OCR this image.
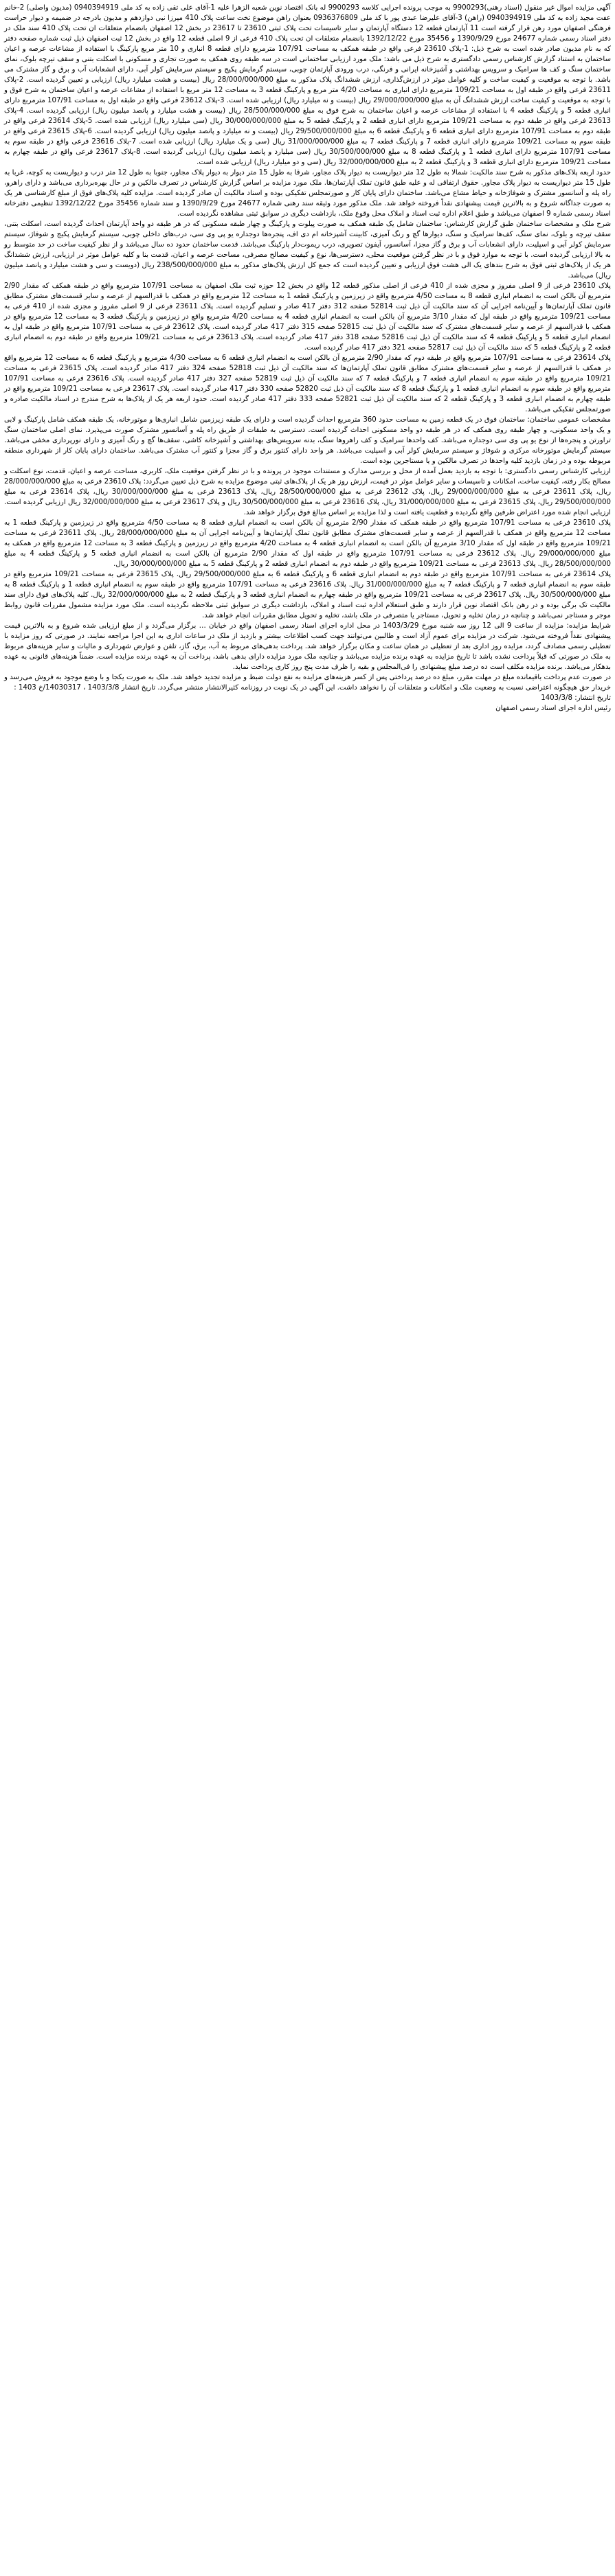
آگهی مزایده اموال غیر منقول (اسناد رهنی)9900293 به موجب پرونده اجرایی کلاسه 9900293 له بانک اقتصاد نوین شعبه الزهرا علیه 1-آقای علی تقی زاده به کد ملی 0940394919 (مدیون واصلی) 2-خانم عفت مجید زاده به کد ملی 0940394919 (راهن) 3-آقای علیرضا عبدی پور با کد ملی 0936376809 بعنوان راهن موضوع تخت ساعت پلاک 410 میرزا نبی دوازدهم و مدیون بادرجه در ضمیمه و دیوار حراست فرهنگی اصفهان مورد رهن قرار گرفته است 11 آپارتمان قطعه 12 دستگاه آپارتمان و سایر تاسیسات تحت پلاک ثبتی 23610 تا 23617 در بخش 12 اصفهان بانضمام متعلقات ان تحت پلاک 410 سند ملک در دفتر اسناد رسمی شماره 24677 مورخ 1390/9/29 و 35456 مورخ 1392/12/22 بانضمام متعلقات ان تحت پلاک 410 فرعی از 9 اصلی قطعه 12 واقع در بخش 12 ثبت اصفهان ذیل ثبت شماره صفحه دفتر که به نام مدیون صادر شده است به شرح ذیل: 1-پلاک 23610 فرعی واقع در طبقه همکف به مساحت 107/91 مترمربع دارای قطعه 8 انباری و 10 متر مربع پارکینگ با استفاده از مشاعات عرصه و اعیان ساختمان به استناد گزارش کارشناس رسمی دادگستری به شرح ذیل می باشد: ملک مورد ارزیابی ساختمانی است در سه طبقه روی همکف به صورت تجاری و مسکونی با اسکلت بتنی و سقف تیرچه بلوک، نمای ساختمان سنگ و کف ها سرامیک و سرویس بهداشتی و آشپزخانه ایرانی و فرنگی، درب ورودی آپارتمان چوبی، سیستم گرمایش پکیج و سیستم سرمایش کولر آبی، دارای انشعابات آب و برق و گاز مشترک می باشد. با توجه به موقعیت و کیفیت ساخت و کلیه عوامل موثر در ارزش‌گذاری، ارزش ششدانگ پلاک مذکور به مبلغ 28/000/000/000 ریال (بیست و هشت میلیارد ریال) ارزیابی و تعیین گردیده است. 2-پلاک 23611 فرعی واقع در طبقه اول به مساحت 109/21 مترمربع دارای انباری به مساحت 4/20 متر مربع و پارکینگ قطعه 3 به مساحت 12 متر مربع با استفاده از مشاعات عرصه و اعیان ساختمان به شرح فوق و با توجه به موقعیت و کیفیت ساخت ارزش ششدانگ آن به مبلغ 29/000/000/000 ریال (بیست و نه میلیارد ریال) ارزیابی شده است. 3-پلاک 23612 فرعی واقع در طبقه اول به مساحت 107/91 مترمربع دارای انباری قطعه 5 و پارکینگ قطعه 4 با استفاده از مشاعات عرصه و اعیان ساختمان به شرح فوق به مبلغ 28/500/000/000 ریال (بیست و هشت میلیارد و پانصد میلیون ریال) ارزیابی گردیده است. 4-پلاک 23613 فرعی واقع در طبقه دوم به مساحت 109/21 مترمربع دارای انباری قطعه 2 و پارکینگ قطعه 5 به مبلغ 30/000/000/000 ریال (سی میلیارد ریال) ارزیابی شده است. 5-پلاک 23614 فرعی واقع در طبقه دوم به مساحت 107/91 مترمربع دارای انباری قطعه 6 و پارکینگ قطعه 6 به مبلغ 29/500/000/000 ریال (بیست و نه میلیارد و پانصد میلیون ریال) ارزیابی گردیده است. 6-پلاک 23615 فرعی واقع در طبقه سوم به مساحت 109/21 مترمربع دارای انباری قطعه 7 و پارکینگ قطعه 7 به مبلغ 31/000/000/000 ریال (سی و یک میلیارد ریال) ارزیابی شده است. 7-پلاک 23616 فرعی واقع در طبقه سوم به مساحت 107/91 مترمربع دارای انباری قطعه 1 و پارکینگ قطعه 8 به مبلغ 30/500/000/000 ریال (سی میلیارد و پانصد میلیون ریال) ارزیابی گردیده است. 8-پلاک 23617 فرعی واقع در طبقه چهارم به مساحت 109/21 مترمربع دارای انباری قطعه 3 و پارکینگ قطعه 2 به مبلغ 32/000/000/000 ریال (سی و دو میلیارد ریال) ارزیابی شده است.

حدود اربعه پلاک‌های مذکور به شرح سند مالکیت: شمالا به طول 12 متر دیواریست به دیوار پلاک مجاور، شرقا به طول 15 متر دیوار به دیوار پلاک مجاور، جنوبا به طول 12 متر درب و دیواریست به کوچه، غربا به طول 15 متر دیواریست به دیوار پلاک مجاور. حقوق ارتفاقی له و علیه طبق قانون تملک آپارتمان‌ها. ملک مورد مزایده بر اساس گزارش کارشناس در تصرف مالکین و در حال بهره‌برداری می‌باشد و دارای راهرو، راه پله و آسانسور مشترک و شوفاژخانه و حیاط مشاع می‌باشد. ساختمان دارای پایان کار و صورتمجلس تفکیکی بوده و اسناد مالکیت آن صادر گردیده است. مزایده کلیه پلاک‌های فوق از مبلغ کارشناسی هر یک به صورت جداگانه شروع و به بالاترین قیمت پیشنهادی نقداً فروخته خواهد شد. ملک مذکور مورد وثیقه سند رهنی شماره 24677 مورخ 1390/9/29 و سند شماره 35456 مورخ 1392/12/22 تنظیمی دفترخانه اسناد رسمی شماره 9 اصفهان می‌باشد و طبق اعلام اداره ثبت اسناد و املاک محل وقوع ملک، بازداشت دیگری در سوابق ثبتی مشاهده نگردیده است.

شرح ملک و مشخصات ساختمان طبق گزارش کارشناس: ساختمان شامل یک طبقه همکف به صورت پیلوت و پارکینگ و چهار طبقه مسکونی که در هر طبقه دو واحد آپارتمان احداث گردیده است، اسکلت بتنی، سقف تیرچه و بلوک، نمای سنگ، کف‌ها سرامیک و سنگ، دیوارها گچ و رنگ آمیزی، کابینت آشپزخانه ام دی اف، پنجره‌ها دوجداره یو پی وی سی، درب‌های داخلی چوبی، سیستم گرمایش پکیج و شوفاژ، سیستم سرمایش کولر آبی و اسپلیت، دارای انشعابات آب و برق و گاز مجزا، آسانسور، آیفون تصویری، درب ریموت‌دار پارکینگ می‌باشد. قدمت ساختمان حدود ده سال می‌باشد و از نظر کیفیت ساخت در حد متوسط رو به بالا ارزیابی گردیده است. با توجه به موارد فوق و با در نظر گرفتن موقعیت محلی، دسترسی‌ها، نوع و کیفیت مصالح مصرفی، مساحت عرصه و اعیان، قدمت بنا و کلیه عوامل موثر در ارزیابی، ارزش ششدانگ هر یک از پلاک‌های ثبتی فوق به شرح بندهای یک الی هشت فوق ارزیابی و تعیین گردیده است که جمع کل ارزش پلاک‌های مذکور به مبلغ 238/500/000/000 ریال (دویست و سی و هشت میلیارد و پانصد میلیون ریال) می‌باشد.

پلاک 23610 فرعی از 9 اصلی مفروز و مجزی شده از 410 فرعی از اصلی مذکور قطعه 12 واقع در بخش 12 حوزه ثبت ملک اصفهان به مساحت 107/91 مترمربع واقع در طبقه همکف که مقدار 2/90 مترمربع آن بالکن است به انضمام انباری قطعه 8 به مساحت 4/50 مترمربع واقع در زیرزمین و پارکینگ قطعه 1 به مساحت 12 مترمربع واقع در همکف با قدرالسهم از عرصه و سایر قسمت‌های مشترک مطابق قانون تملک آپارتمان‌ها و آیین‌نامه اجرایی آن که سند مالکیت آن ذیل ثبت 52814 صفحه 312 دفتر 417 صادر و تسلیم گردیده است. پلاک 23611 فرعی از 9 اصلی مفروز و مجزی شده از 410 فرعی به مساحت 109/21 مترمربع واقع در طبقه اول که مقدار 3/10 مترمربع آن بالکن است به انضمام انباری قطعه 4 به مساحت 4/20 مترمربع واقع در زیرزمین و پارکینگ قطعه 3 به مساحت 12 مترمربع واقع در همکف با قدرالسهم از عرصه و سایر قسمت‌های مشترک که سند مالکیت آن ذیل ثبت 52815 صفحه 315 دفتر 417 صادر گردیده است. پلاک 23612 فرعی به مساحت 107/91 مترمربع واقع در طبقه اول به انضمام انباری قطعه 5 و پارکینگ قطعه 4 که سند مالکیت آن ذیل ثبت 52816 صفحه 318 دفتر 417 صادر گردیده است. پلاک 23613 فرعی به مساحت 109/21 مترمربع واقع در طبقه دوم به انضمام انباری قطعه 2 و پارکینگ قطعه 5 که سند مالکیت آن ذیل ثبت 52817 صفحه 321 دفتر 417 صادر گردیده است.

پلاک 23614 فرعی به مساحت 107/91 مترمربع واقع در طبقه دوم که مقدار 2/90 مترمربع آن بالکن است به انضمام انباری قطعه 6 به مساحت 4/30 مترمربع و پارکینگ قطعه 6 به مساحت 12 مترمربع واقع در همکف با قدرالسهم از عرصه و سایر قسمت‌های مشترک مطابق قانون تملک آپارتمان‌ها که سند مالکیت آن ذیل ثبت 52818 صفحه 324 دفتر 417 صادر گردیده است. پلاک 23615 فرعی به مساحت 109/21 مترمربع واقع در طبقه سوم به انضمام انباری قطعه 7 و پارکینگ قطعه 7 که سند مالکیت آن ذیل ثبت 52819 صفحه 327 دفتر 417 صادر گردیده است. پلاک 23616 فرعی به مساحت 107/91 مترمربع واقع در طبقه سوم به انضمام انباری قطعه 1 و پارکینگ قطعه 8 که سند مالکیت آن ذیل ثبت 52820 صفحه 330 دفتر 417 صادر گردیده است. پلاک 23617 فرعی به مساحت 109/21 مترمربع واقع در طبقه چهارم به انضمام انباری قطعه 3 و پارکینگ قطعه 2 که سند مالکیت آن ذیل ثبت 52821 صفحه 333 دفتر 417 صادر گردیده است. حدود اربعه هر یک از پلاک‌ها به شرح مندرج در اسناد مالکیت صادره و صورتمجلس تفکیکی می‌باشد.

مشخصات عمومی ساختمان: ساختمان فوق در یک قطعه زمین به مساحت حدود 360 مترمربع احداث گردیده است و دارای یک طبقه زیرزمین شامل انباری‌ها و موتورخانه، یک طبقه همکف شامل پارکینگ و لابی و یک واحد مسکونی، و چهار طبقه روی همکف که در هر طبقه دو واحد مسکونی احداث گردیده است. دسترسی به طبقات از طریق راه پله و آسانسور مشترک صورت می‌پذیرد. نمای اصلی ساختمان سنگ تراورتن و پنجره‌ها از نوع یو پی وی سی دوجداره می‌باشد. کف واحدها سرامیک و کف راهروها سنگ، بدنه سرویس‌های بهداشتی و آشپزخانه کاشی، سقف‌ها گچ و رنگ آمیزی و دارای نورپردازی مخفی می‌باشد. سیستم گرمایش موتورخانه مرکزی و شوفاژ و سیستم سرمایش کولر آبی و اسپلیت می‌باشد. هر واحد دارای کنتور برق و گاز مجزا و کنتور آب مشترک می‌باشد. ساختمان دارای پایان کار از شهرداری منطقه مربوطه بوده و در زمان بازدید کلیه واحدها در تصرف مالکین و یا مستاجرین بوده است.

ارزیابی کارشناس رسمی دادگستری: با توجه به بازدید بعمل آمده از محل و بررسی مدارک و مستندات موجود در پرونده و با در نظر گرفتن موقعیت ملک، کاربری، مساحت عرصه و اعیان، قدمت، نوع اسکلت و مصالح بکار رفته، کیفیت ساخت، امکانات و تاسیسات و سایر عوامل موثر در قیمت، ارزش روز هر یک از پلاک‌های ثبتی موضوع مزایده به شرح ذیل تعیین می‌گردد: پلاک 23610 فرعی به مبلغ 28/000/000/000 ریال، پلاک 23611 فرعی به مبلغ 29/000/000/000 ریال، پلاک 23612 فرعی به مبلغ 28/500/000/000 ریال، پلاک 23613 فرعی به مبلغ 30/000/000/000 ریال، پلاک 23614 فرعی به مبلغ 29/500/000/000 ریال، پلاک 23615 فرعی به مبلغ 31/000/000/000 ریال، پلاک 23616 فرعی به مبلغ 30/500/000/000 ریال و پلاک 23617 فرعی به مبلغ 32/000/000/000 ریال ارزیابی گردیده است. ارزیابی انجام شده مورد اعتراض طرفین واقع نگردیده و قطعیت یافته است و لذا مزایده بر اساس مبالغ فوق برگزار خواهد شد.

پلاک 23610 فرعی به مساحت 107/91 مترمربع واقع در طبقه همکف که مقدار 2/90 مترمربع آن بالکن است به انضمام انباری قطعه 8 به مساحت 4/50 مترمربع واقع در زیرزمین و پارکینگ قطعه 1 به مساحت 12 مترمربع واقع در همکف با قدرالسهم از عرصه و سایر قسمت‌های مشترک مطابق قانون تملک آپارتمان‌ها و آیین‌نامه اجرایی آن به مبلغ 28/000/000/000 ریال. پلاک 23611 فرعی به مساحت 109/21 مترمربع واقع در طبقه اول که مقدار 3/10 مترمربع آن بالکن است به انضمام انباری قطعه 4 به مساحت 4/20 مترمربع واقع در زیرزمین و پارکینگ قطعه 3 به مساحت 12 مترمربع واقع در همکف به مبلغ 29/000/000/000 ریال. پلاک 23612 فرعی به مساحت 107/91 مترمربع واقع در طبقه اول که مقدار 2/90 مترمربع آن بالکن است به انضمام انباری قطعه 5 و پارکینگ قطعه 4 به مبلغ 28/500/000/000 ریال. پلاک 23613 فرعی به مساحت 109/21 مترمربع واقع در طبقه دوم به انضمام انباری قطعه 2 و پارکینگ قطعه 5 به مبلغ 30/000/000/000 ریال.

پلاک 23614 فرعی به مساحت 107/91 مترمربع واقع در طبقه دوم به انضمام انباری قطعه 6 و پارکینگ قطعه 6 به مبلغ 29/500/000/000 ریال. پلاک 23615 فرعی به مساحت 109/21 مترمربع واقع در طبقه سوم به انضمام انباری قطعه 7 و پارکینگ قطعه 7 به مبلغ 31/000/000/000 ریال. پلاک 23616 فرعی به مساحت 107/91 مترمربع واقع در طبقه سوم به انضمام انباری قطعه 1 و پارکینگ قطعه 8 به مبلغ 30/500/000/000 ریال. پلاک 23617 فرعی به مساحت 109/21 مترمربع واقع در طبقه چهارم به انضمام انباری قطعه 3 و پارکینگ قطعه 2 به مبلغ 32/000/000/000 ریال. کلیه پلاک‌های فوق دارای سند مالکیت تک برگی بوده و در رهن بانک اقتصاد نوین قرار دارند و طبق استعلام اداره ثبت اسناد و املاک، بازداشت دیگری در سوابق ثبتی ملاحظه نگردیده است. ملک مورد مزایده مشمول مقررات قانون روابط موجر و مستاجر نمی‌باشد و چنانچه در زمان تخلیه و تحویل، مستاجر یا متصرفی در ملک باشد، تخلیه و تحویل مطابق مقررات انجام خواهد شد.

شرایط مزایده: مزایده از ساعت 9 الی 12 روز سه شنبه مورخ 1403/3/29 در محل اداره اجرای اسناد رسمی اصفهان واقع در خیابان … برگزار می‌گردد و از مبلغ ارزیابی شده شروع و به بالاترین قیمت پیشنهادی نقداً فروخته می‌شود. شرکت در مزایده برای عموم آزاد است و طالبین می‌توانند جهت کسب اطلاعات بیشتر و بازدید از ملک در ساعات اداری به این اجرا مراجعه نمایند. در صورتی که روز مزایده با تعطیلی رسمی مصادف گردد، مزایده روز اداری بعد از تعطیلی در همان ساعت و مکان برگزار خواهد شد. پرداخت بدهی‌های مربوط به آب، برق، گاز، تلفن و عوارض شهرداری و مالیات و سایر هزینه‌های مربوط به ملک در صورتی که قبلاً پرداخت نشده باشد تا تاریخ مزایده به عهده برنده مزایده می‌باشد و چنانچه ملک مورد مزایده دارای بدهی باشد، پرداخت آن به عهده برنده مزایده است. ضمناً هزینه‌های قانونی به عهده بدهکار می‌باشد. برنده مزایده مکلف است ده درصد مبلغ پیشنهادی را فی‌المجلس و بقیه را ظرف مدت پنج روز کاری پرداخت نماید.

در صورت عدم پرداخت باقیمانده مبلغ در مهلت مقرر، مبلغ ده درصد پرداختی پس از کسر هزینه‌های مزایده به نفع دولت ضبط و مزایده تجدید خواهد شد. ملک به صورت یکجا و با وضع موجود به فروش می‌رسد و خریدار حق هیچگونه اعتراضی نسبت به وضعیت ملک و امکانات و متعلقات آن را نخواهد داشت. این آگهی در یک نوبت در روزنامه کثیرالانتشار منتشر می‌گردد. تاریخ انتشار 1403/3/8 ، 14030317/خ 1403 :

تاریخ انتشار: 1403/3/8
رئیس اداره اجرای اسناد رسمی اصفهان
